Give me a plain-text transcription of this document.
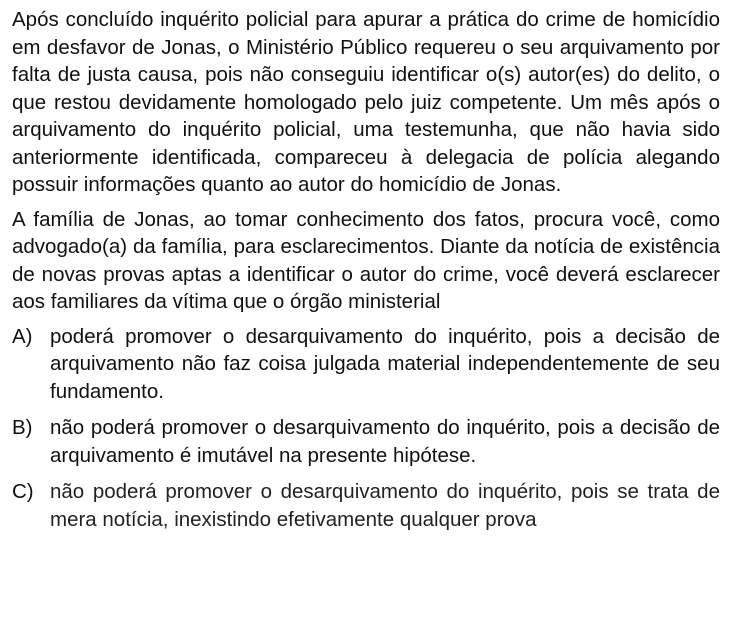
Após concluído inquérito policial para apurar a prática do crime de homicídio em desfavor de Jonas, o Ministério Público requereu o seu arquivamento por falta de justa causa, pois não conseguiu identificar o(s) autor(es) do delito, o que restou devidamente homologado pelo juiz competente. Um mês após o arquivamento do inquérito policial, uma testemunha, que não havia sido anteriormente identificada, compareceu à delegacia de polícia alegando possuir informações quanto ao autor do homicídio de Jonas.

A família de Jonas, ao tomar conhecimento dos fatos, procura você, como advogado(a) da família, para esclarecimentos. Diante da notícia de existência de novas provas aptas a identificar o autor do crime, você deverá esclarecer aos familiares da vítima que o órgão ministerial

A) poderá promover o desarquivamento do inquérito, pois a decisão de arquivamento não faz coisa julgada material independentemente de seu fundamento.
B) não poderá promover o desarquivamento do inquérito, pois a decisão de arquivamento é imutável na presente hipótese.
C) não poderá promover o desarquivamento do inquérito, pois se trata de mera notícia, inexistindo efetivamente qualquer prova
